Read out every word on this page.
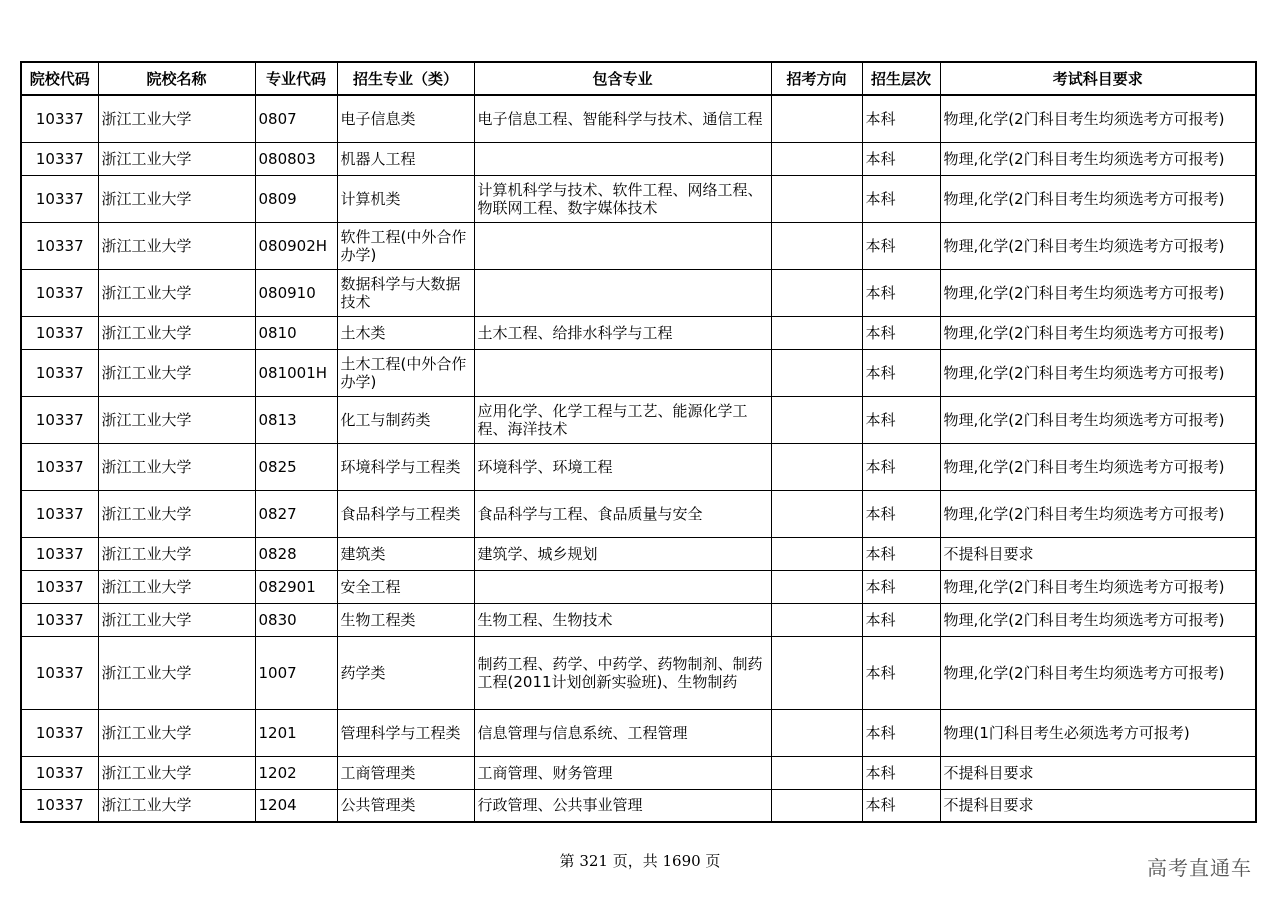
院校代码	院校名称	专业代码	招生专业（类）	包含专业	招考方向	招生层次	考试科目要求
10337	浙江工业大学	0807	电子信息类	电子信息工程、智能科学与技术、通信工程		本科	物理,化学(2门科目考生均须选考方可报考)
10337	浙江工业大学	080803	机器人工程			本科	物理,化学(2门科目考生均须选考方可报考)
10337	浙江工业大学	0809	计算机类	计算机科学与技术、软件工程、网络工程、物联网工程、数字媒体技术		本科	物理,化学(2门科目考生均须选考方可报考)
10337	浙江工业大学	080902H	软件工程(中外合作办学)			本科	物理,化学(2门科目考生均须选考方可报考)
10337	浙江工业大学	080910	数据科学与大数据技术			本科	物理,化学(2门科目考生均须选考方可报考)
10337	浙江工业大学	0810	土木类	土木工程、给排水科学与工程		本科	物理,化学(2门科目考生均须选考方可报考)
10337	浙江工业大学	081001H	土木工程(中外合作办学)			本科	物理,化学(2门科目考生均须选考方可报考)
10337	浙江工业大学	0813	化工与制药类	应用化学、化学工程与工艺、能源化学工程、海洋技术		本科	物理,化学(2门科目考生均须选考方可报考)
10337	浙江工业大学	0825	环境科学与工程类	环境科学、环境工程		本科	物理,化学(2门科目考生均须选考方可报考)
10337	浙江工业大学	0827	食品科学与工程类	食品科学与工程、食品质量与安全		本科	物理,化学(2门科目考生均须选考方可报考)
10337	浙江工业大学	0828	建筑类	建筑学、城乡规划		本科	不提科目要求
10337	浙江工业大学	082901	安全工程			本科	物理,化学(2门科目考生均须选考方可报考)
10337	浙江工业大学	0830	生物工程类	生物工程、生物技术		本科	物理,化学(2门科目考生均须选考方可报考)
10337	浙江工业大学	1007	药学类	制药工程、药学、中药学、药物制剂、制药工程(2011计划创新实验班)、生物制药		本科	物理,化学(2门科目考生均须选考方可报考)
10337	浙江工业大学	1201	管理科学与工程类	信息管理与信息系统、工程管理		本科	物理(1门科目考生必须选考方可报考)
10337	浙江工业大学	1202	工商管理类	工商管理、财务管理		本科	不提科目要求
10337	浙江工业大学	1204	公共管理类	行政管理、公共事业管理		本科	不提科目要求
第 321 页，共 1690 页	高考直通车
